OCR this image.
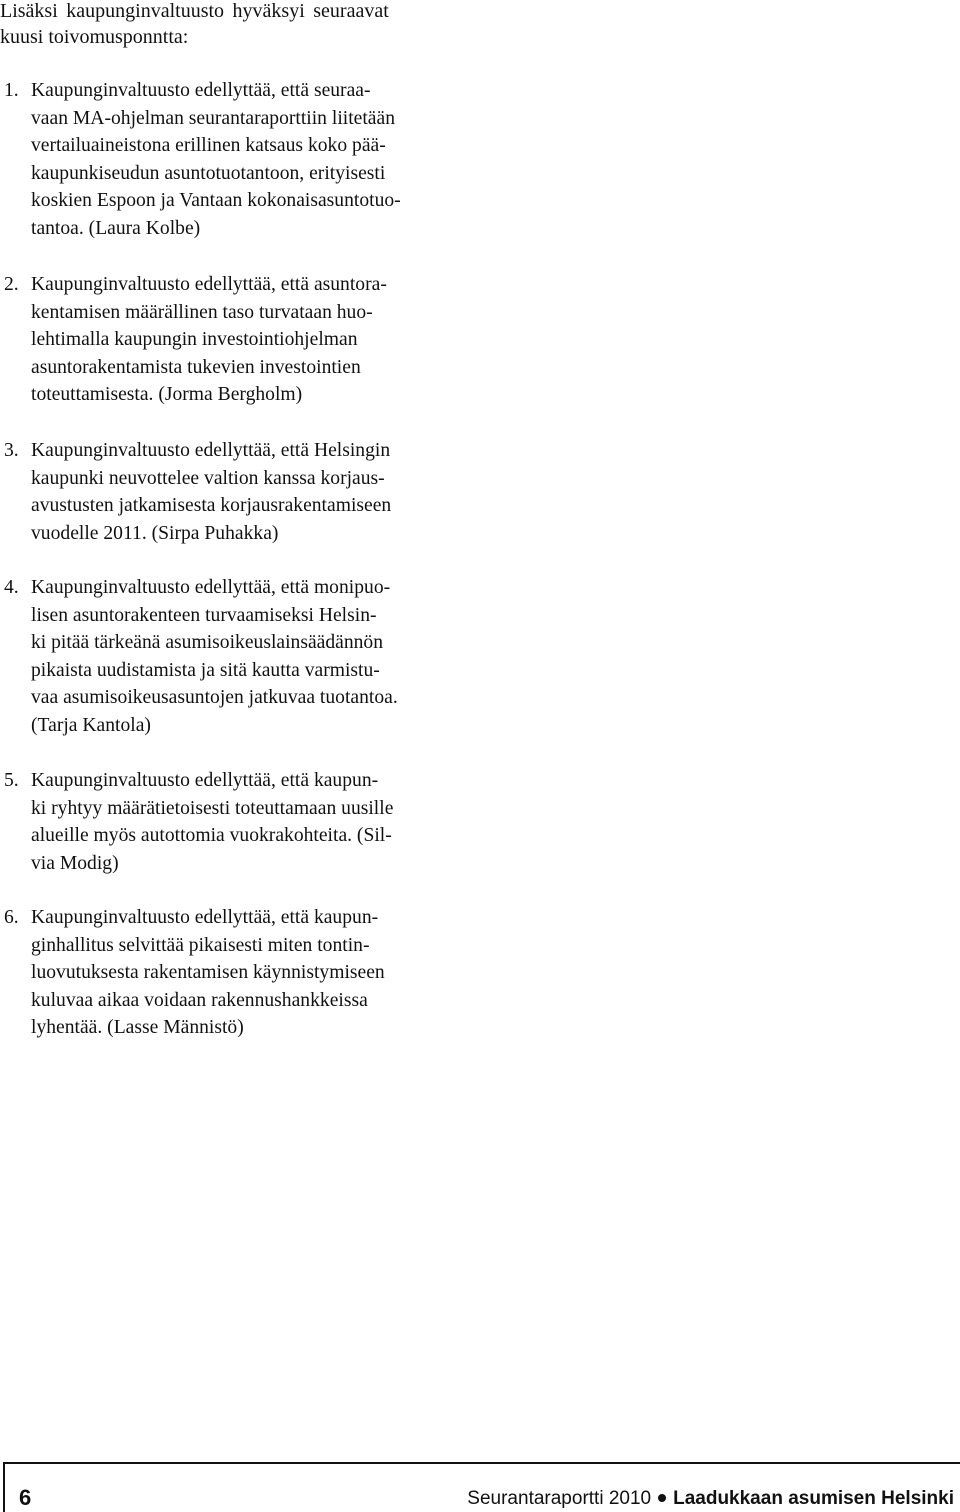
Lisäksi kaupunginvaltuusto hyväksyi seuraavat
kuusi toivomusponntta:
1. Kaupunginvaltuusto edellyttää, että seuraa-
vaan MA-ohjelman seurantaraporttiin liitetään
vertailuaineistona erillinen katsaus koko pää-
kaupunkiseudun asuntotuotantoon, erityisesti
koskien Espoon ja Vantaan kokonaisasuntotuo-
tantoa. (Laura Kolbe)
2. Kaupunginvaltuusto edellyttää, että asuntora-
kentamisen määrällinen taso turvataan huo-
lehtimalla kaupungin investointiohjelman
asuntorakentamista tukevien investointien
toteuttamisesta. (Jorma Bergholm)
3. Kaupunginvaltuusto edellyttää, että Helsingin
kaupunki neuvottelee valtion kanssa korjaus-
avustusten jatkamisesta korjausrakentamiseen
vuodelle 2011. (Sirpa Puhakka)
4. Kaupunginvaltuusto edellyttää, että monipuo-
lisen asuntorakenteen turvaamiseksi Helsin-
ki pitää tärkeänä asumisoikeuslainsäädännön
pikaista uudistamista ja sitä kautta varmistu-
vaa asumisoikeusasuntojen jatkuvaa tuotantoa.
(Tarja Kantola)
5. Kaupunginvaltuusto edellyttää, että kaupun-
ki ryhtyy määrätietoisesti toteuttamaan uusille
alueille myös autottomia vuokrakohteita. (Sil-
via Modig)
6. Kaupunginvaltuusto edellyttää, että kaupun-
ginhallitus selvittää pikaisesti miten tontin-
luovutuksesta rakentamisen käynnistymiseen
kuluvaa aikaa voidaan rakennushankkeissa
lyhentää. (Lasse Männistö)
6	Seurantaraportti 2010 Laadukkaan asumisen Helsinki
